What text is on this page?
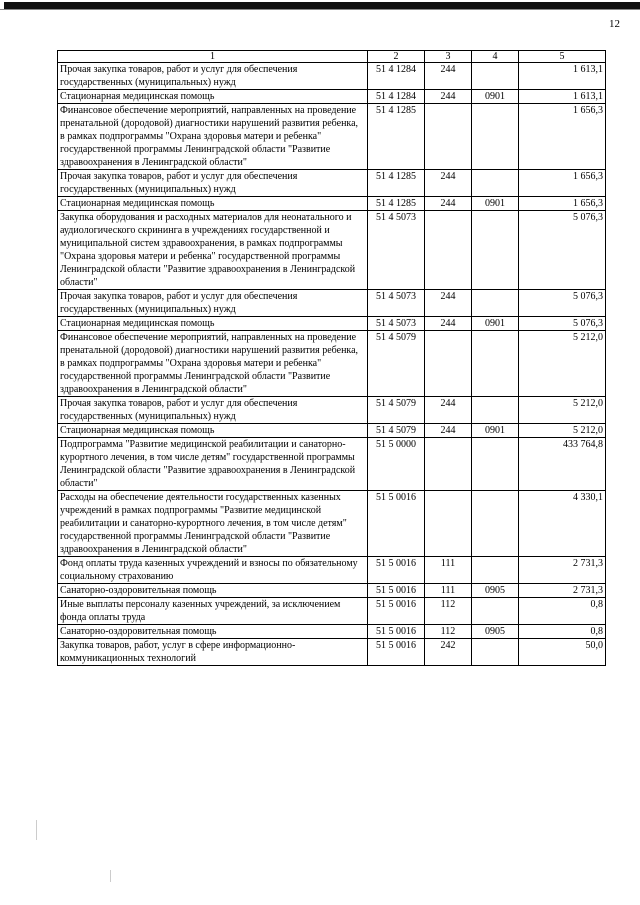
12
1	2	3	4	5
Прочая закупка товаров, работ и услуг для обеспечения государственных (муниципальных) нужд	51 4 1284	244		1 613,1
Стационарная медицинская помощь	51 4 1284	244	0901	1 613,1
Финансовое обеспечение мероприятий, направленных на проведение пренатальной (дородовой) диагностики нарушений развития ребенка, в рамках подпрограммы "Охрана здоровья матери и ребенка" государственной программы Ленинградской области "Развитие здравоохранения в Ленинградской области"	51 4 1285			1 656,3
Прочая закупка товаров, работ и услуг для обеспечения государственных (муниципальных) нужд	51 4 1285	244		1 656,3
Стационарная медицинская помощь	51 4 1285	244	0901	1 656,3
Закупка оборудования и расходных материалов для неонатального и аудиологического скрининга в учреждениях государственной и муниципальной систем здравоохранения, в рамках подпрограммы "Охрана здоровья матери и ребенка" государственной программы Ленинградской области "Развитие здравоохранения в Ленинградской области"	51 4 5073			5 076,3
Прочая закупка товаров, работ и услуг для обеспечения государственных (муниципальных) нужд	51 4 5073	244		5 076,3
Стационарная медицинская помощь	51 4 5073	244	0901	5 076,3
Финансовое обеспечение мероприятий, направленных на проведение пренатальной (дородовой) диагностики нарушений развития ребенка, в рамках подпрограммы "Охрана здоровья матери и ребенка" государственной программы Ленинградской области "Развитие здравоохранения в Ленинградской области"	51 4 5079			5 212,0
Прочая закупка товаров, работ и услуг для обеспечения государственных (муниципальных) нужд	51 4 5079	244		5 212,0
Стационарная медицинская помощь	51 4 5079	244	0901	5 212,0
Подпрограмма "Развитие медицинской реабилитации и санаторно-курортного лечения, в том числе детям" государственной программы Ленинградской области "Развитие здравоохранения в Ленинградской области"	51 5 0000			433 764,8
Расходы на обеспечение деятельности государственных казенных учреждений в рамках подпрограммы "Развитие медицинской реабилитации и санаторно-курортного лечения, в том числе детям" государственной программы Ленинградской области "Развитие здравоохранения в Ленинградской области"	51 5 0016			4 330,1
Фонд оплаты труда казенных учреждений и взносы по обязательному социальному страхованию	51 5 0016	111		2 731,3
Санаторно-оздоровительная помощь	51 5 0016	111	0905	2 731,3
Иные выплаты персоналу казенных учреждений, за исключением фонда оплаты труда	51 5 0016	112		0,8
Санаторно-оздоровительная помощь	51 5 0016	112	0905	0,8
Закупка товаров, работ, услуг в сфере информационно-коммуникационных технологий	51 5 0016	242		50,0
